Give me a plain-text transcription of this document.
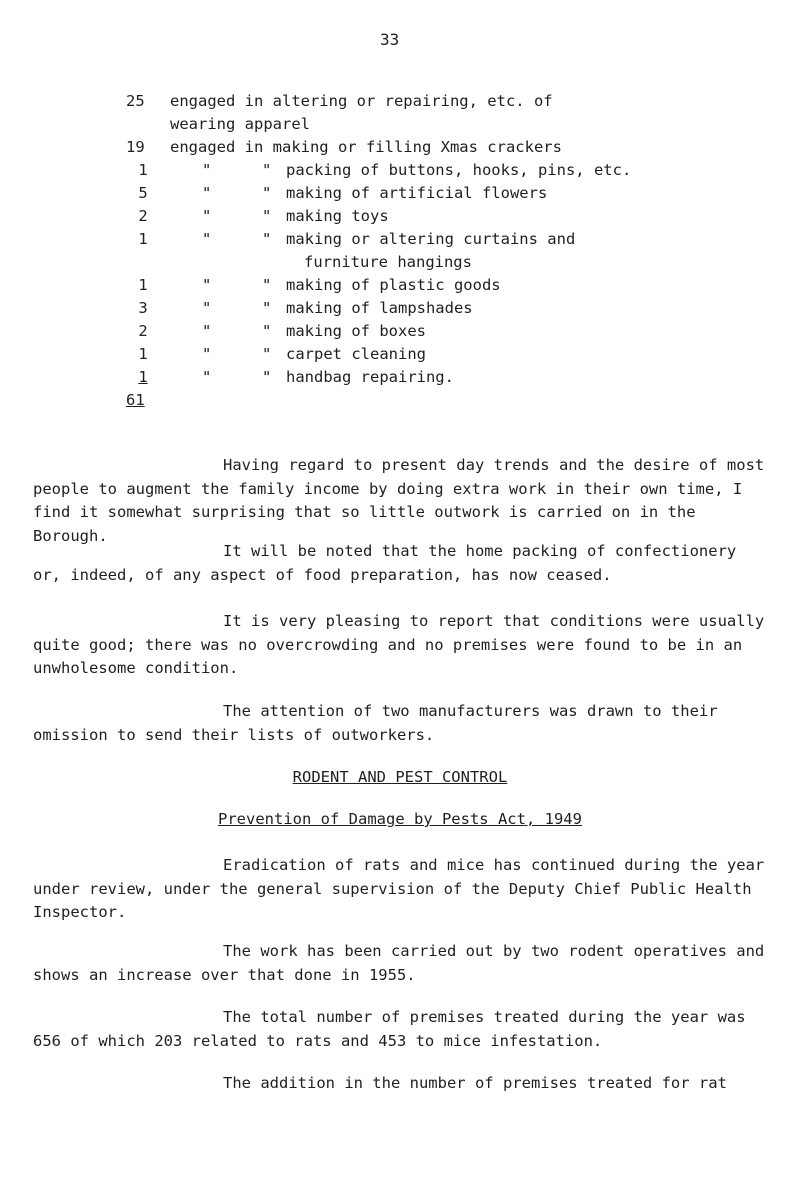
33
25	engaged in altering or repairing, etc. of
wearing apparel
19	engaged in making or filling Xmas crackers
1	"	" packing of buttons, hooks, pins, etc.
5	"	" making of artificial flowers
2	"	" making toys
1	"	" making or altering curtains and
furniture hangings
1	"	" making of plastic goods
3	"	" making of lampshades
2	"	" making of boxes
1	"	" carpet cleaning
1	"	" handbag repairing.
61
Having regard to present day trends and the desire of most people to augment the family income by doing extra work in their own time, I find it somewhat surprising that so little outwork is carried on in the Borough.
It will be noted that the home packing of confectionery or, indeed, of any aspect of food preparation, has now ceased.
It is very pleasing to report that conditions were usually quite good; there was no overcrowding and no premises were found to be in an unwholesome condition.
The attention of two manufacturers was drawn to their omission to send their lists of outworkers.
RODENT AND PEST CONTROL
Prevention of Damage by Pests Act, 1949
Eradication of rats and mice has continued during the year under review, under the general supervision of the Deputy Chief Public Health Inspector.
The work has been carried out by two rodent operatives and shows an increase over that done in 1955.
The total number of premises treated during the year was 656 of which 203 related to rats and 453 to mice infestation.
The addition in the number of premises treated for rat
